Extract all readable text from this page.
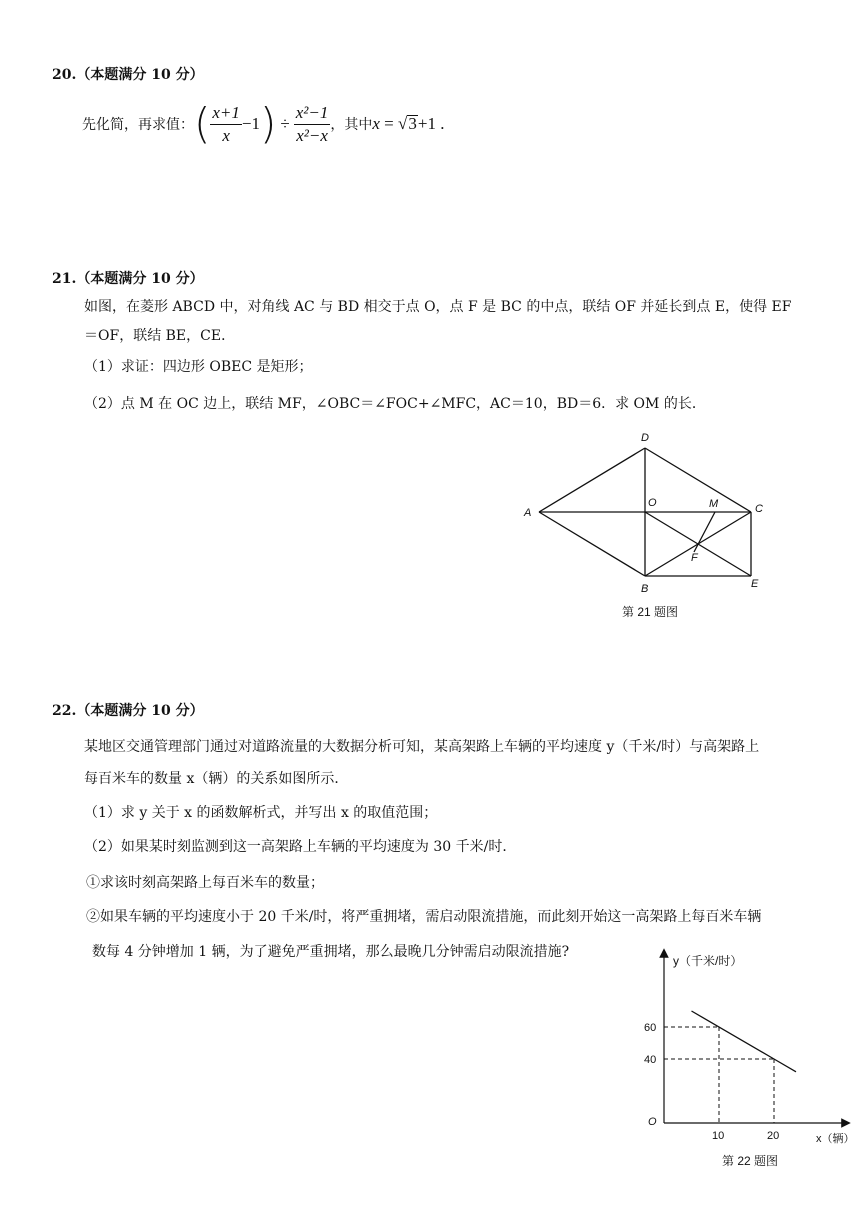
20.（本题满分 10 分）
先化简，再求值： ( $\frac{x+1}{x} -1$ ) ÷ $\frac{\text{x²−1}}{\text{x²−x}}$ ，其中 x = √3+1 .
21.（本题满分 10 分）
如图，在菱形 ABCD 中，对角线 AC 与 BD 相交于点 O，点 F 是 BC 的中点，联结 OF 并延长到点 E，使得 EF
＝OF，联结 BE，CE．
（1）求证：四边形 OBEC 是矩形；
（2）点 M 在 OC 边上，联结 MF，∠OBC＝∠FOC+∠MFC，AC＝10，BD＝6．求 OM 的长．
D
A
O	M	C
F
B	E
第 21 题图
22.（本题满分 10 分）
某地区交通管理部门通过对道路流量的大数据分析可知，某高架路上车辆的平均速度 y（千米/时）与高架路上
每百米车的数量 x（辆）的关系如图所示．
（1）求 y 关于 x 的函数解析式，并写出 x 的取值范围；
（2）如果某时刻监测到这一高架路上车辆的平均速度为 30 千米/时．
①求该时刻高架路上每百米车的数量；
②如果车辆的平均速度小于 20 千米/时，将严重拥堵，需启动限流措施，而此刻开始这一高架路上每百米车辆
数每 4 分钟增加 1 辆，为了避免严重拥堵，那么最晚几分钟需启动限流措施?
y（千米/时）
x（辆）
O
10	20
60
40
第 22 题图
